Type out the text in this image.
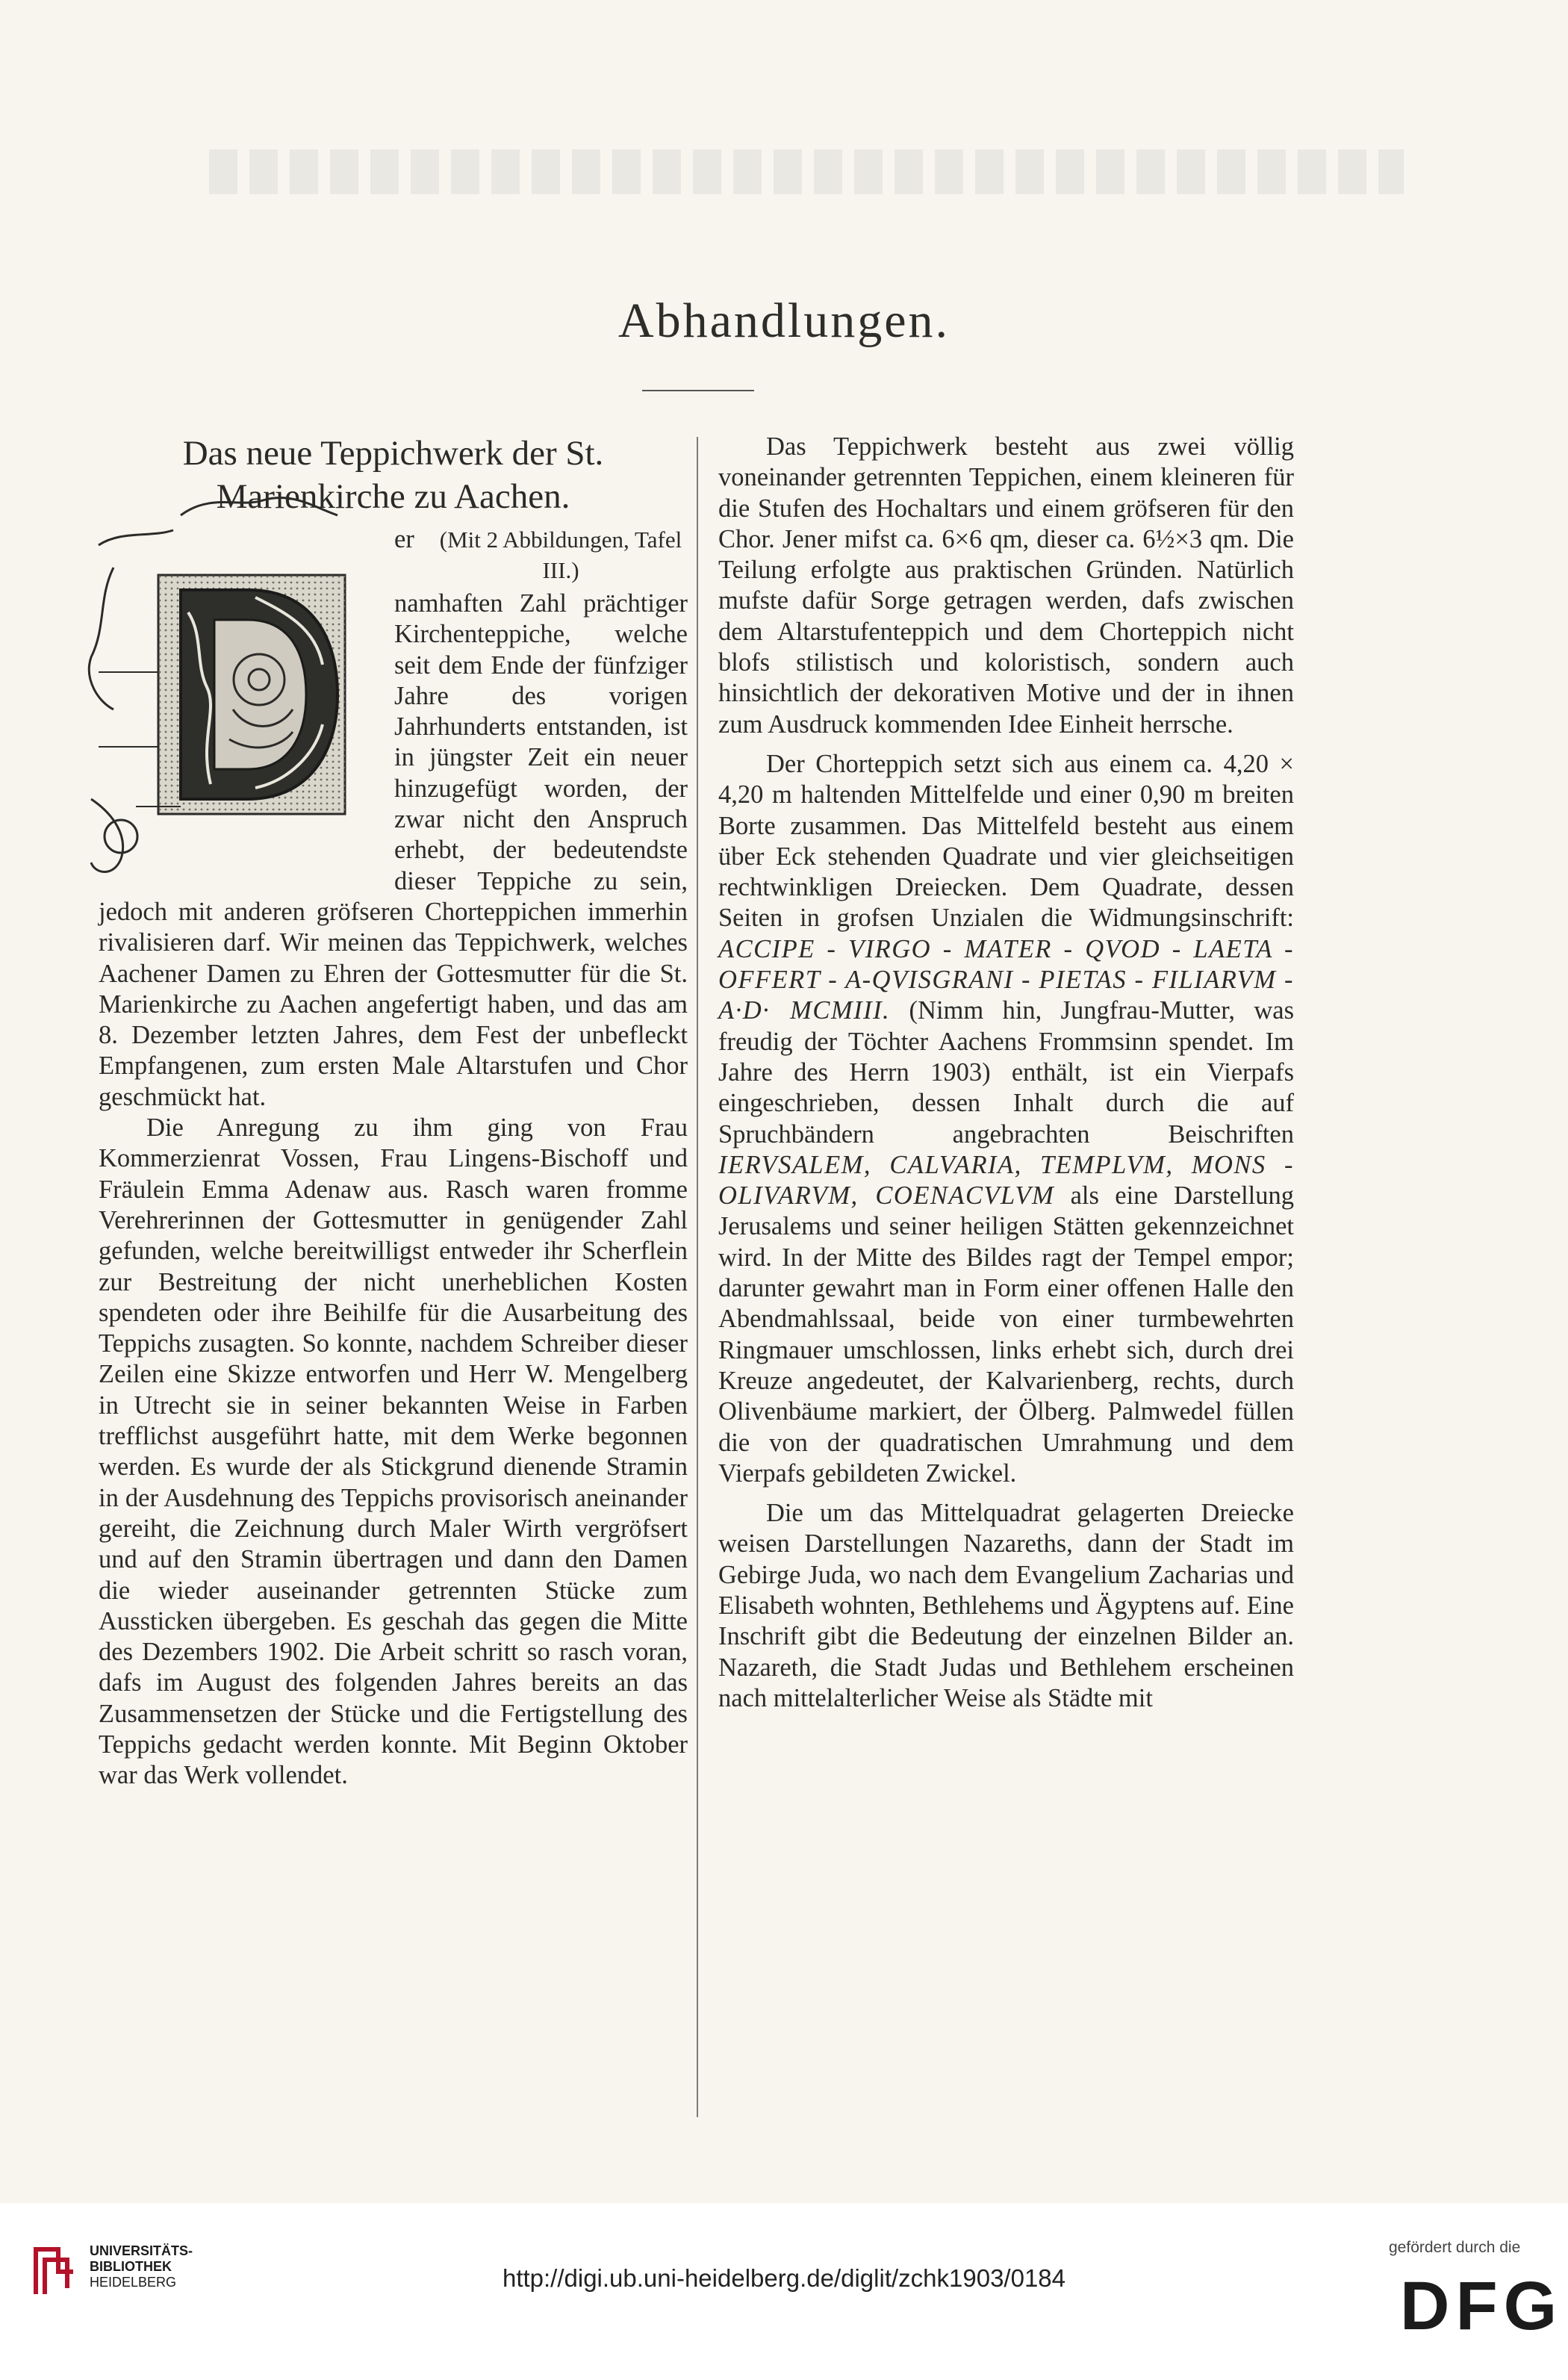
Abhandlungen.
Das neue Teppichwerk der St. Marienkirche zu Aachen.
(Mit 2 Abbildungen, Tafel III.)

er namhaften Zahl prächtiger Kirchenteppiche, welche seit dem Ende der fünfziger Jahre des vorigen Jahrhunderts entstanden, ist in jüngster Zeit ein neuer hinzugefügt worden, der zwar nicht den Anspruch erhebt, der bedeutendste dieser Teppiche zu sein, jedoch mit anderen gröfseren Chorteppichen immerhin rivalisieren darf. Wir meinen das Teppichwerk, welches Aachener Damen zu Ehren der Gottesmutter für die St. Marienkirche zu Aachen angefertigt haben, und das am 8. Dezember letzten Jahres, dem Fest der unbefleckt Empfangenen, zum ersten Male Altarstufen und Chor geschmückt hat.

Die Anregung zu ihm ging von Frau Kommerzienrat Vossen, Frau Lingens-Bischoff und Fräulein Emma Adenaw aus. Rasch waren fromme Verehrerinnen der Gottesmutter in genügender Zahl gefunden, welche bereitwilligst entweder ihr Scherflein zur Bestreitung der nicht unerheblichen Kosten spendeten oder ihre Beihilfe für die Ausarbeitung des Teppichs zusagten. So konnte, nachdem Schreiber dieser Zeilen eine Skizze entworfen und Herr W. Mengelberg in Utrecht sie in seiner bekannten Weise in Farben trefflichst ausgeführt hatte, mit dem Werke begonnen werden. Es wurde der als Stickgrund dienende Stramin in der Ausdehnung des Teppichs provisorisch aneinander gereiht, die Zeichnung durch Maler Wirth vergröfsert und auf den Stramin übertragen und dann den Damen die wieder auseinander getrennten Stücke zum Aussticken übergeben. Es geschah das gegen die Mitte des Dezembers 1902. Die Arbeit schritt so rasch voran, dafs im August des folgenden Jahres bereits an das Zusammensetzen der Stücke und die Fertigstellung des Teppichs gedacht werden konnte. Mit Beginn Oktober war das Werk vollendet.

Das Teppichwerk besteht aus zwei völlig voneinander getrennten Teppichen, einem kleineren für die Stufen des Hochaltars und einem gröfseren für den Chor. Jener mifst ca. 6×6 qm, dieser ca. 6½×3 qm. Die Teilung erfolgte aus praktischen Gründen. Natürlich mufste dafür Sorge getragen werden, dafs zwischen dem Altarstufenteppich und dem Chorteppich nicht blofs stilistisch und koloristisch, sondern auch hinsichtlich der dekorativen Motive und der in ihnen zum Ausdruck kommenden Idee Einheit herrsche.

Der Chorteppich setzt sich aus einem ca. 4,20 × 4,20 m haltenden Mittelfelde und einer 0,90 m breiten Borte zusammen. Das Mittelfeld besteht aus einem über Eck stehenden Quadrate und vier gleichseitigen rechtwinkligen Dreiecken. Dem Quadrate, dessen Seiten in grofsen Unzialen die Widmungsinschrift: ACCIPE - VIRGO - MATER - QVOD - LAETA - OFFERT - A-QVISGRANI - PIETAS - FILIARVM - A·D· MCMIII. (Nimm hin, Jungfrau-Mutter, was freudig der Töchter Aachens Frommsinn spendet. Im Jahre des Herrn 1903) enthält, ist ein Vierpafs eingeschrieben, dessen Inhalt durch die auf Spruchbändern angebrachten Beischriften IERVSALEM, CALVARIA, TEMPLVM, MONS - OLIVARVM, COENACVLVM als eine Darstellung Jerusalems und seiner heiligen Stätten gekennzeichnet wird. In der Mitte des Bildes ragt der Tempel empor; darunter gewahrt man in Form einer offenen Halle den Abendmahlssaal, beide von einer turmbewehrten Ringmauer umschlossen, links erhebt sich, durch drei Kreuze angedeutet, der Kalvarienberg, rechts, durch Olivenbäume markiert, der Ölberg. Palmwedel füllen die von der quadratischen Umrahmung und dem Vierpafs gebildeten Zwickel.

Die um das Mittelquadrat gelagerten Dreiecke weisen Darstellungen Nazareths, dann der Stadt im Gebirge Juda, wo nach dem Evangelium Zacharias und Elisabeth wohnten, Bethlehems und Ägyptens auf. Eine Inschrift gibt die Bedeutung der einzelnen Bilder an. Nazareth, die Stadt Judas und Bethlehem erscheinen nach mittelalterlicher Weise als Städte mit

UNIVERSITÄTS-
BIBLIOTHEK
HEIDELBERG	http://digi.ub.uni-heidelberg.de/diglit/zchk1903/0184
gefördert durch die
DFG
